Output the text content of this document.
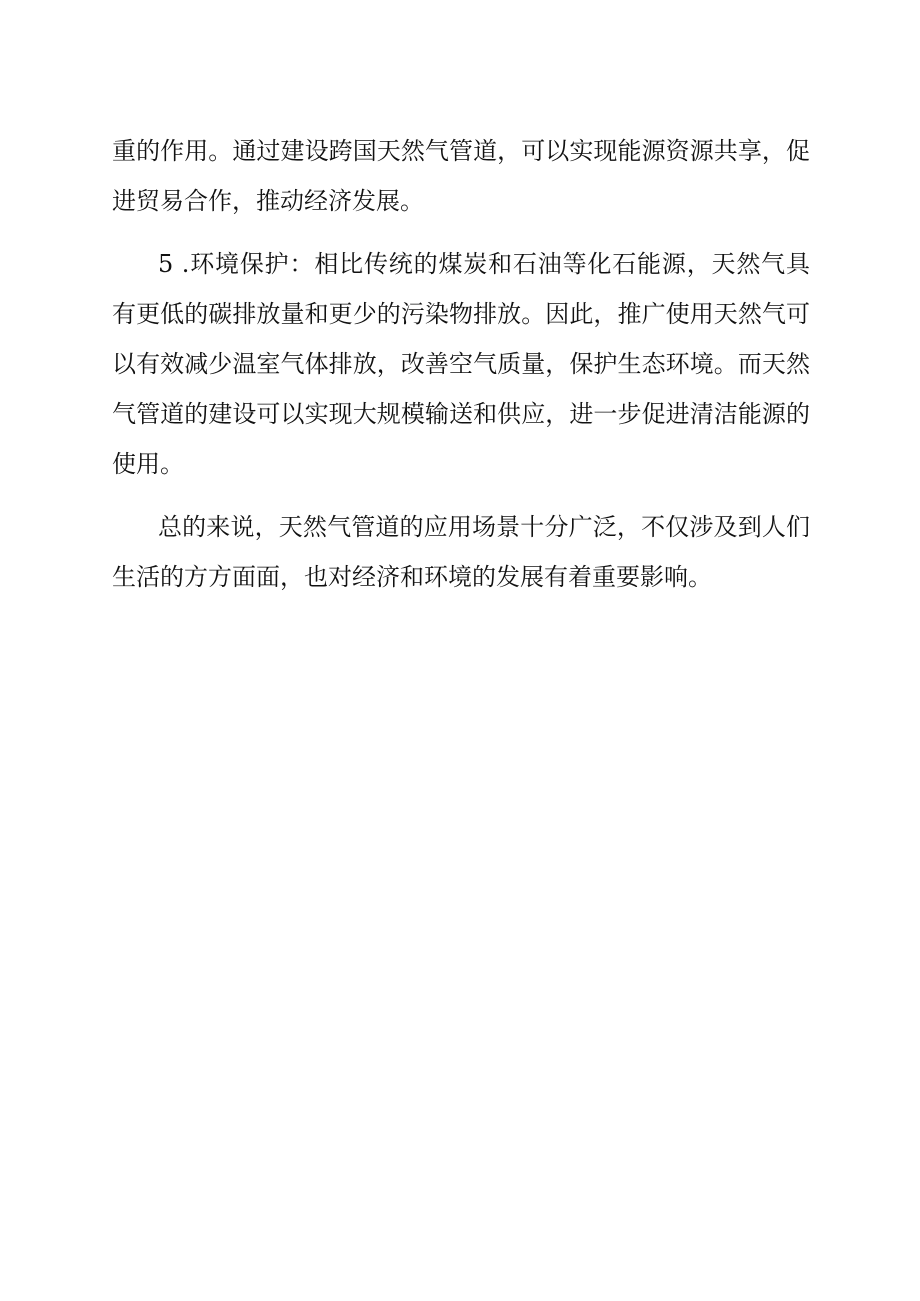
重的作用。通过建设跨国天然气管道，可以实现能源资源共享，促进贸易合作，推动经济发展。

5 .环境保护：相比传统的煤炭和石油等化石能源，天然气具有更低的碳排放量和更少的污染物排放。因此，推广使用天然气可以有效减少温室气体排放，改善空气质量，保护生态环境。而天然气管道的建设可以实现大规模输送和供应，进一步促进清洁能源的使用。

总的来说，天然气管道的应用场景十分广泛，不仅涉及到人们生活的方方面面，也对经济和环境的发展有着重要影响。
